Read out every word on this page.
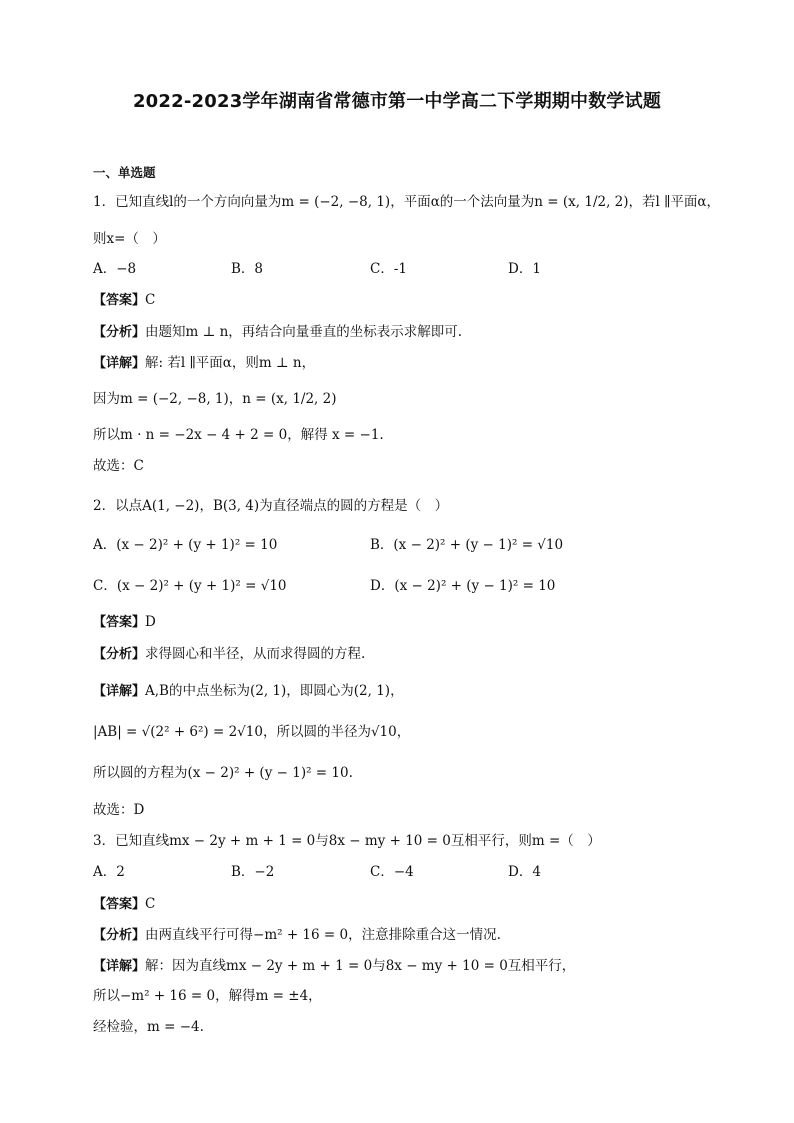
2022-2023学年湖南省常德市第一中学高二下学期期中数学试题
一、单选题
1．已知直线l的一个方向向量为m = (−2, −8, 1)，平面α的一个法向量为n = (x, 1/2, 2)，若l ∥平面α，
则x=（　）
A．−8	B．8	C．-1	D．1
【答案】C
【分析】由题知m ⊥ n，再结合向量垂直的坐标表示求解即可.
【详解】解: 若l ∥平面α，则m ⊥ n，
因为m = (−2, −8, 1)，n = (x, 1/2, 2)
所以m · n = −2x − 4 + 2 = 0，解得 x = −1.
故选：C
2．以点A(1, −2)，B(3, 4)为直径端点的圆的方程是（　）
A．(x − 2)² + (y + 1)² = 10	B．(x − 2)² + (y − 1)² = √10
C．(x − 2)² + (y + 1)² = √10	D．(x − 2)² + (y − 1)² = 10
【答案】D
【分析】求得圆心和半径，从而求得圆的方程.
【详解】A,B的中点坐标为(2, 1)，即圆心为(2, 1)，
|AB| = √(2² + 6²) = 2√10，所以圆的半径为√10，
所以圆的方程为(x − 2)² + (y − 1)² = 10.
故选：D
3．已知直线mx − 2y + m + 1 = 0与8x − my + 10 = 0互相平行，则m =（　）
A．2	B．−2	C．−4	D．4
【答案】C
【分析】由两直线平行可得−m² + 16 = 0，注意排除重合这一情况.
【详解】解：因为直线mx − 2y + m + 1 = 0与8x − my + 10 = 0互相平行，
所以−m² + 16 = 0，解得m = ±4，
经检验，m = −4.
